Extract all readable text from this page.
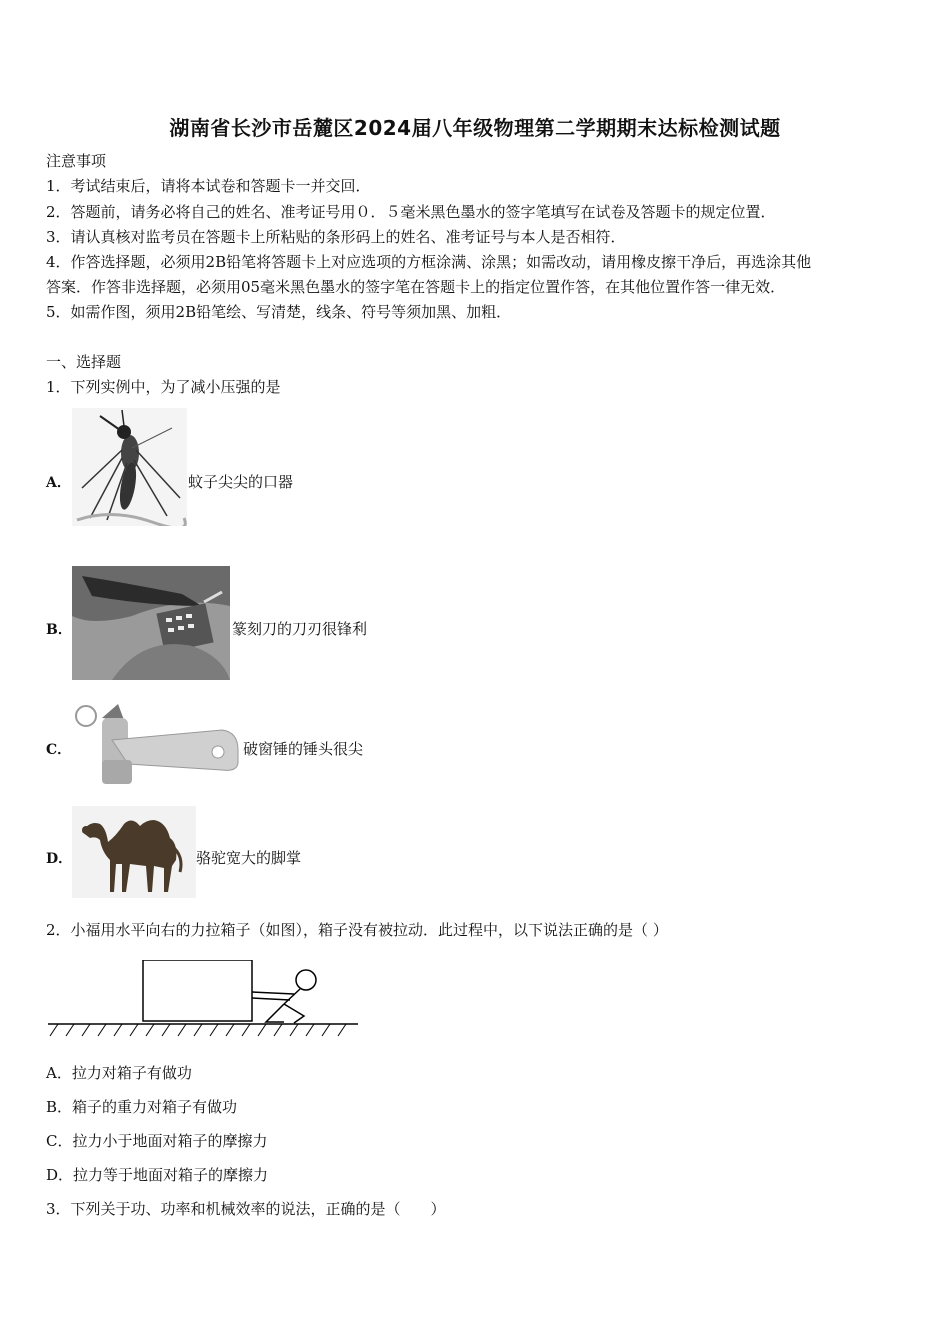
湖南省长沙市岳麓区2024届八年级物理第二学期期末达标检测试题
注意事项
1．考试结束后，请将本试卷和答题卡一并交回．
2．答题前，请务必将自己的姓名、准考证号用０．５毫米黑色墨水的签字笔填写在试卷及答题卡的规定位置．
3．请认真核对监考员在答题卡上所粘贴的条形码上的姓名、准考证号与本人是否相符．
4．作答选择题，必须用2B铅笔将答题卡上对应选项的方框涂满、涂黑；如需改动，请用橡皮擦干净后，再选涂其他
答案．作答非选择题，必须用05毫米黑色墨水的签字笔在答题卡上的指定位置作答，在其他位置作答一律无效．
5．如需作图，须用2B铅笔绘、写清楚，线条、符号等须加黑、加粗．
一、选择题
1．下列实例中，为了减小压强的是
A．	蚊子尖尖的口器
B．	篆刻刀的刀刃很锋利
C．	破窗锤的锤头很尖
D．	骆驼宽大的脚掌
2．小福用水平向右的力拉箱子（如图），箱子没有被拉动．此过程中，以下说法正确的是（ ）
A．拉力对箱子有做功
B．箱子的重力对箱子有做功
C．拉力小于地面对箱子的摩擦力
D．拉力等于地面对箱子的摩擦力
3．下列关于功、功率和机械效率的说法，正确的是（　　）
